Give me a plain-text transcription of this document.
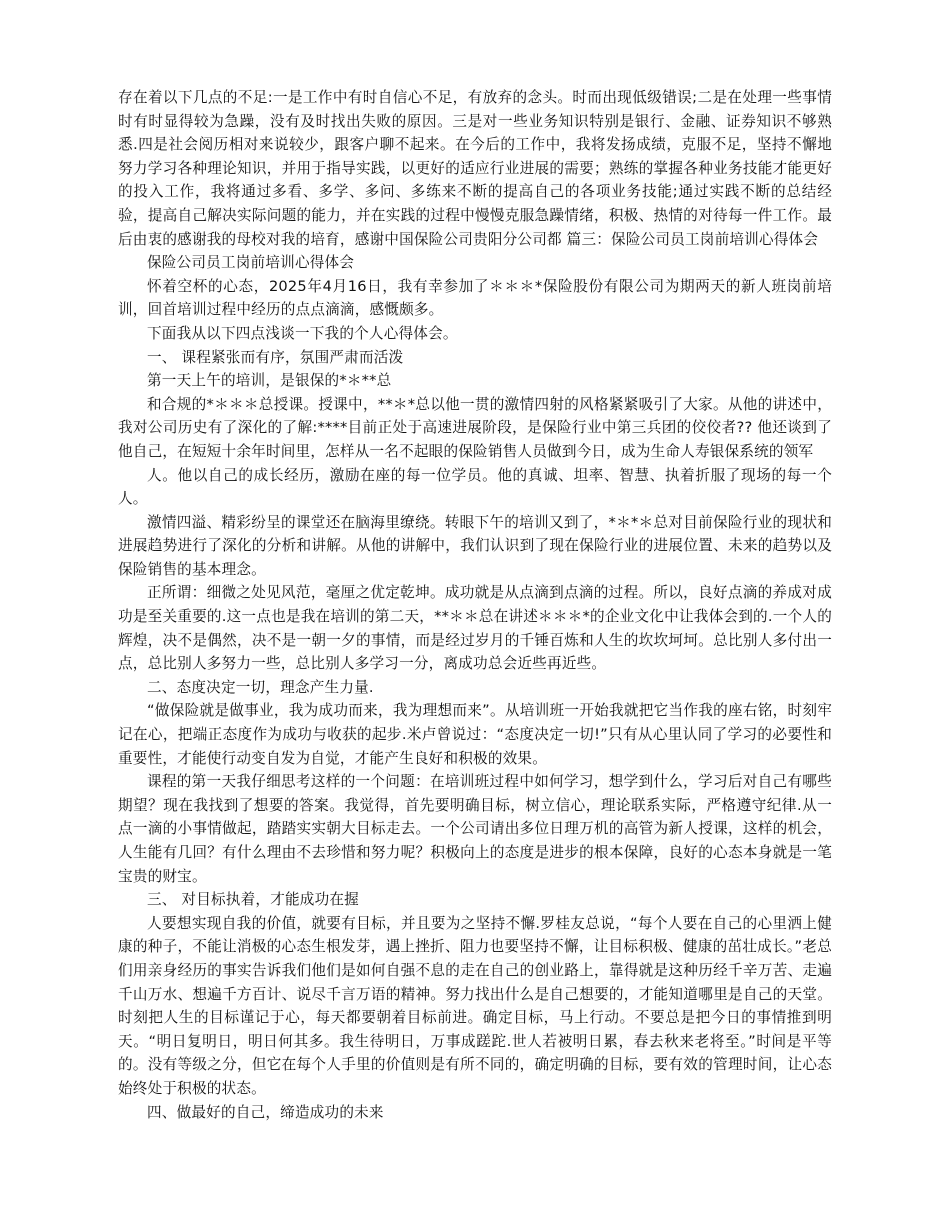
存在着以下几点的不足:一是工作中有时自信心不足，有放弃的念头。时而出现低级错误;二是在处理一些事情时有时显得较为急躁，没有及时找出失败的原因。三是对一些业务知识特别是银行、金融、证券知识不够熟悉.四是社会阅历相对来说较少，跟客户聊不起来。在今后的工作中，我将发扬成绩，克服不足，坚持不懈地努力学习各种理论知识，并用于指导实践，以更好的适应行业进展的需要；熟练的掌握各种业务技能才能更好的投入工作，我将通过多看、多学、多问、多练来不断的提高自己的各项业务技能;通过实践不断的总结经验，提高自己解决实际问题的能力，并在实践的过程中慢慢克服急躁情绪，积极、热情的对待每一件工作。最后由衷的感谢我的母校对我的培育，感谢中国保险公司贵阳分公司都 篇三：保险公司员工岗前培训心得体会

保险公司员工岗前培训心得体会

怀着空杯的心态，2025年4月16日，我有幸参加了＊＊＊*保险股份有限公司为期两天的新人班岗前培训，回首培训过程中经历的点点滴滴，感慨颇多。

下面我从以下四点浅谈一下我的个人心得体会。

一、 课程紧张而有序，氛围严肃而活泼

第一天上午的培训，是银保的*＊**总

和合规的*＊＊＊总授课。授课中，**＊*总以他一贯的激情四射的风格紧紧吸引了大家。从他的讲述中，我对公司历史有了深化的了解:****目前正处于高速进展阶段，是保险行业中第三兵团的佼佼者?? 他还谈到了他自己，在短短十余年时间里，怎样从一名不起眼的保险销售人员做到今日，成为生命人寿银保系统的领军

人。他以自己的成长经历，激励在座的每一位学员。他的真诚、坦率、智慧、执着折服了现场的每一个人。

激情四溢、精彩纷呈的课堂还在脑海里缭绕。转眼下午的培训又到了，*＊*＊总对目前保险行业的现状和进展趋势进行了深化的分析和讲解。从他的讲解中，我们认识到了现在保险行业的进展位置、未来的趋势以及保险销售的基本理念。

正所谓：细微之处见风范，毫厘之优定乾坤。成功就是从点滴到点滴的过程。所以，良好点滴的养成对成功是至关重要的.这一点也是我在培训的第二天，**＊＊总在讲述＊＊＊*的企业文化中让我体会到的.一个人的辉煌，决不是偶然，决不是一朝一夕的事情，而是经过岁月的千锤百炼和人生的坎坎坷坷。总比别人多付出一点，总比别人多努力一些，总比别人多学习一分，离成功总会近些再近些。

二、态度决定一切，理念产生力量.

“做保险就是做事业，我为成功而来，我为理想而来”。从培训班一开始我就把它当作我的座右铭，时刻牢记在心，把端正态度作为成功与收获的起步.米卢曾说过：“态度决定一切!”只有从心里认同了学习的必要性和重要性，才能使行动变自发为自觉，才能产生良好和积极的效果。

课程的第一天我仔细思考这样的一个问题：在培训班过程中如何学习，想学到什么，学习后对自己有哪些期望？现在我找到了想要的答案。我觉得，首先要明确目标，树立信心，理论联系实际，严格遵守纪律.从一点一滴的小事情做起，踏踏实实朝大目标走去。一个公司请出多位日理万机的高管为新人授课，这样的机会，人生能有几回？有什么理由不去珍惜和努力呢？积极向上的态度是进步的根本保障，良好的心态本身就是一笔宝贵的财宝。

三、 对目标执着，才能成功在握

人要想实现自我的价值，就要有目标，并且要为之坚持不懈.罗桂友总说，“每个人要在自己的心里洒上健康的种子，不能让消极的心态生根发芽，遇上挫折、阻力也要坚持不懈，让目标积极、健康的茁壮成长。”老总们用亲身经历的事实告诉我们他们是如何自强不息的走在自己的创业路上，靠得就是这种历经千辛万苦、走遍千山万水、想遍千方百计、说尽千言万语的精神。努力找出什么是自己想要的，才能知道哪里是自己的天堂。时刻把人生的目标谨记于心，每天都要朝着目标前进。确定目标，马上行动。不要总是把今日的事情推到明天。“明日复明日，明日何其多。我生待明日，万事成蹉跎.世人若被明日累，春去秋来老将至。”时间是平等的。没有等级之分，但它在每个人手里的价值则是有所不同的，确定明确的目标，要有效的管理时间，让心态始终处于积极的状态。

四、做最好的自己，缔造成功的未来
